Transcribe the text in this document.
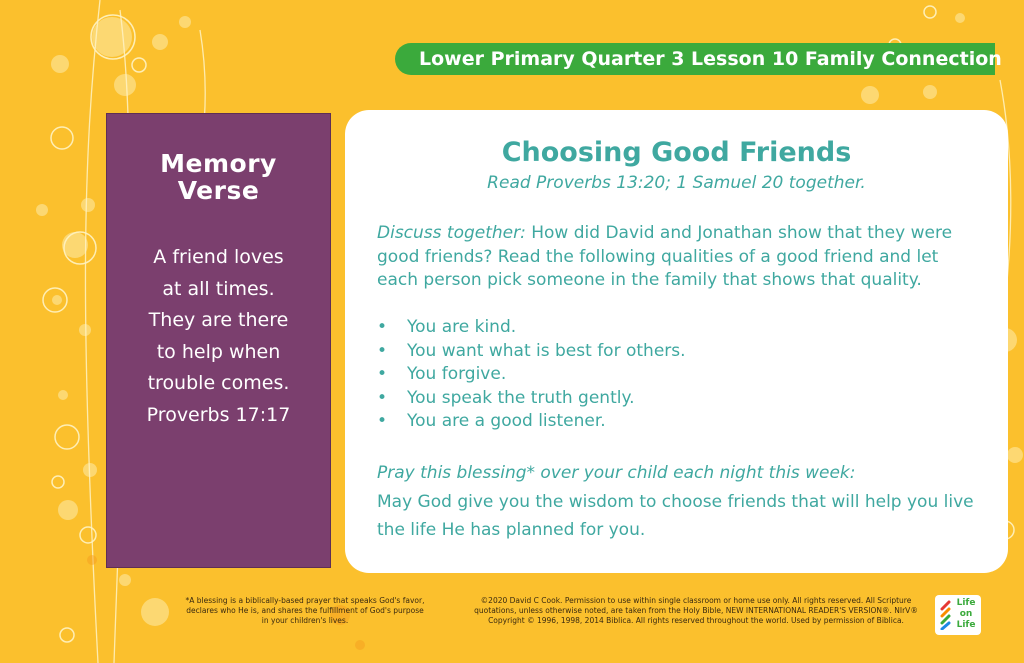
Lower Primary Quarter 3 Lesson 10 Family Connection
Memory
Verse
A friend loves
at all times.
They are there
to help when
trouble comes.
Proverbs 17:17
Choosing Good Friends
Read Proverbs 13:20; 1 Samuel 20 together.
Discuss together: How did David and Jonathan show that they were good friends? Read the following qualities of a good friend and let each person pick someone in the family that shows that quality.
• You are kind.
• You want what is best for others.
• You forgive.
• You speak the truth gently.
• You are a good listener.
Pray this blessing* over your child each night this week:
May God give you the wisdom to choose friends that will help you live the life He has planned for you.
*A blessing is a biblically-based prayer that speaks God's favor, declares who He is, and shares the fulfillment of God's purpose in your children's lives.
©2020 David C Cook. Permission to use within single classroom or home use only. All rights reserved. All Scripture quotations, unless otherwise noted, are taken from the Holy Bible, NEW INTERNATIONAL READER'S VERSION®. NIrV® Copyright © 1996, 1998, 2014 Biblica. All rights reserved throughout the world. Used by permission of Biblica.
Life
on
Life
